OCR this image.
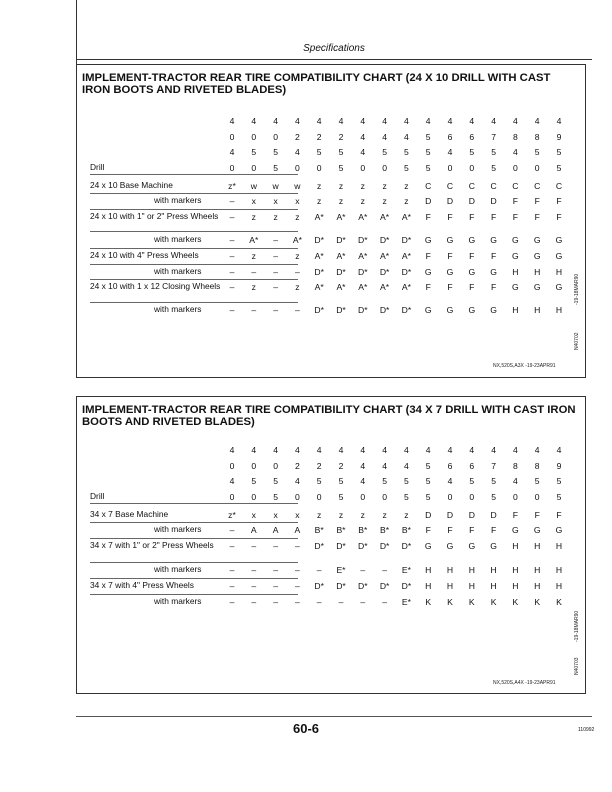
Specifications
IMPLEMENT-TRACTOR REAR TIRE COMPATIBILITY CHART (24 X 10 DRILL WITH CAST IRON BOOTS AND RIVETED BLADES)
4	4	4	4	4	4	4	4	4	4	4	4	4	4	4	4
0	0	0	2	2	2	4	4	4	5	6	6	7	8	8	9
4	5	5	4	5	5	4	5	5	5	4	5	5	4	5	5
Drill	0	0	5	0	0	5	0	0	5	5	0	0	5	0	0	5
24 x 10 Base Machine	z*	w	w	w	z	z	z	z	z	C	C	C	C	C	C	C
with markers	–	x	x	x	z	z	z	z	z	D	D	D	D	F	F	F
24 x 10 with 1" or 2" Press Wheels	–	z	z	z	A*	A*	A*	A*	A*	F	F	F	F	F	F	F
with markers	–	A*	–	A*	D*	D*	D*	D*	D*	G	G	G	G	G	G	G
24 x 10 with 4" Press Wheels	–	z	–	z	A*	A*	A*	A*	A*	F	F	F	F	G	G	G
with markers	–	–	–	–	D*	D*	D*	D*	D*	G	G	G	G	H	H	H
24 x 10 with 1 x 12 Closing Wheels	–	z	–	z	A*	A*	A*	A*	A*	F	F	F	F	G	G	G
with markers	–	–	–	–	D*	D*	D*	D*	D*	G	G	G	G	H	H	H
-19-18MAR90
N40702
NX,520S,A3X -19-23APR91
IMPLEMENT-TRACTOR REAR TIRE COMPATIBILITY CHART (34 X 7 DRILL WITH CAST IRON BOOTS AND RIVETED BLADES)
4	4	4	4	4	4	4	4	4	4	4	4	4	4	4	4
0	0	0	2	2	2	4	4	4	5	6	6	7	8	8	9
4	5	5	4	5	5	4	5	5	5	4	5	5	4	5	5
Drill	0	0	5	0	0	5	0	0	5	5	0	0	5	0	0	5
34 x 7 Base Machine	z*	x	x	x	z	z	z	z	z	D	D	D	D	F	F	F
with markers	–	A	A	A	B*	B*	B*	B*	B*	F	F	F	F	G	G	G
34 x 7 with 1" or 2" Press Wheels	–	–	–	–	D*	D*	D*	D*	D*	G	G	G	G	H	H	H
with markers	–	–	–	–	–	E*	–	–	E*	H	H	H	H	H	H	H
34 x 7 with 4" Press Wheels	–	–	–	–	D*	D*	D*	D*	D*	H	H	H	H	H	H	H
with markers	–	–	–	–	–	–	–	–	E*	K	K	K	K	K	K	K
-19-18MAR90
N40703
NX,520S,A4X -19-23APR91
60-6	110992
